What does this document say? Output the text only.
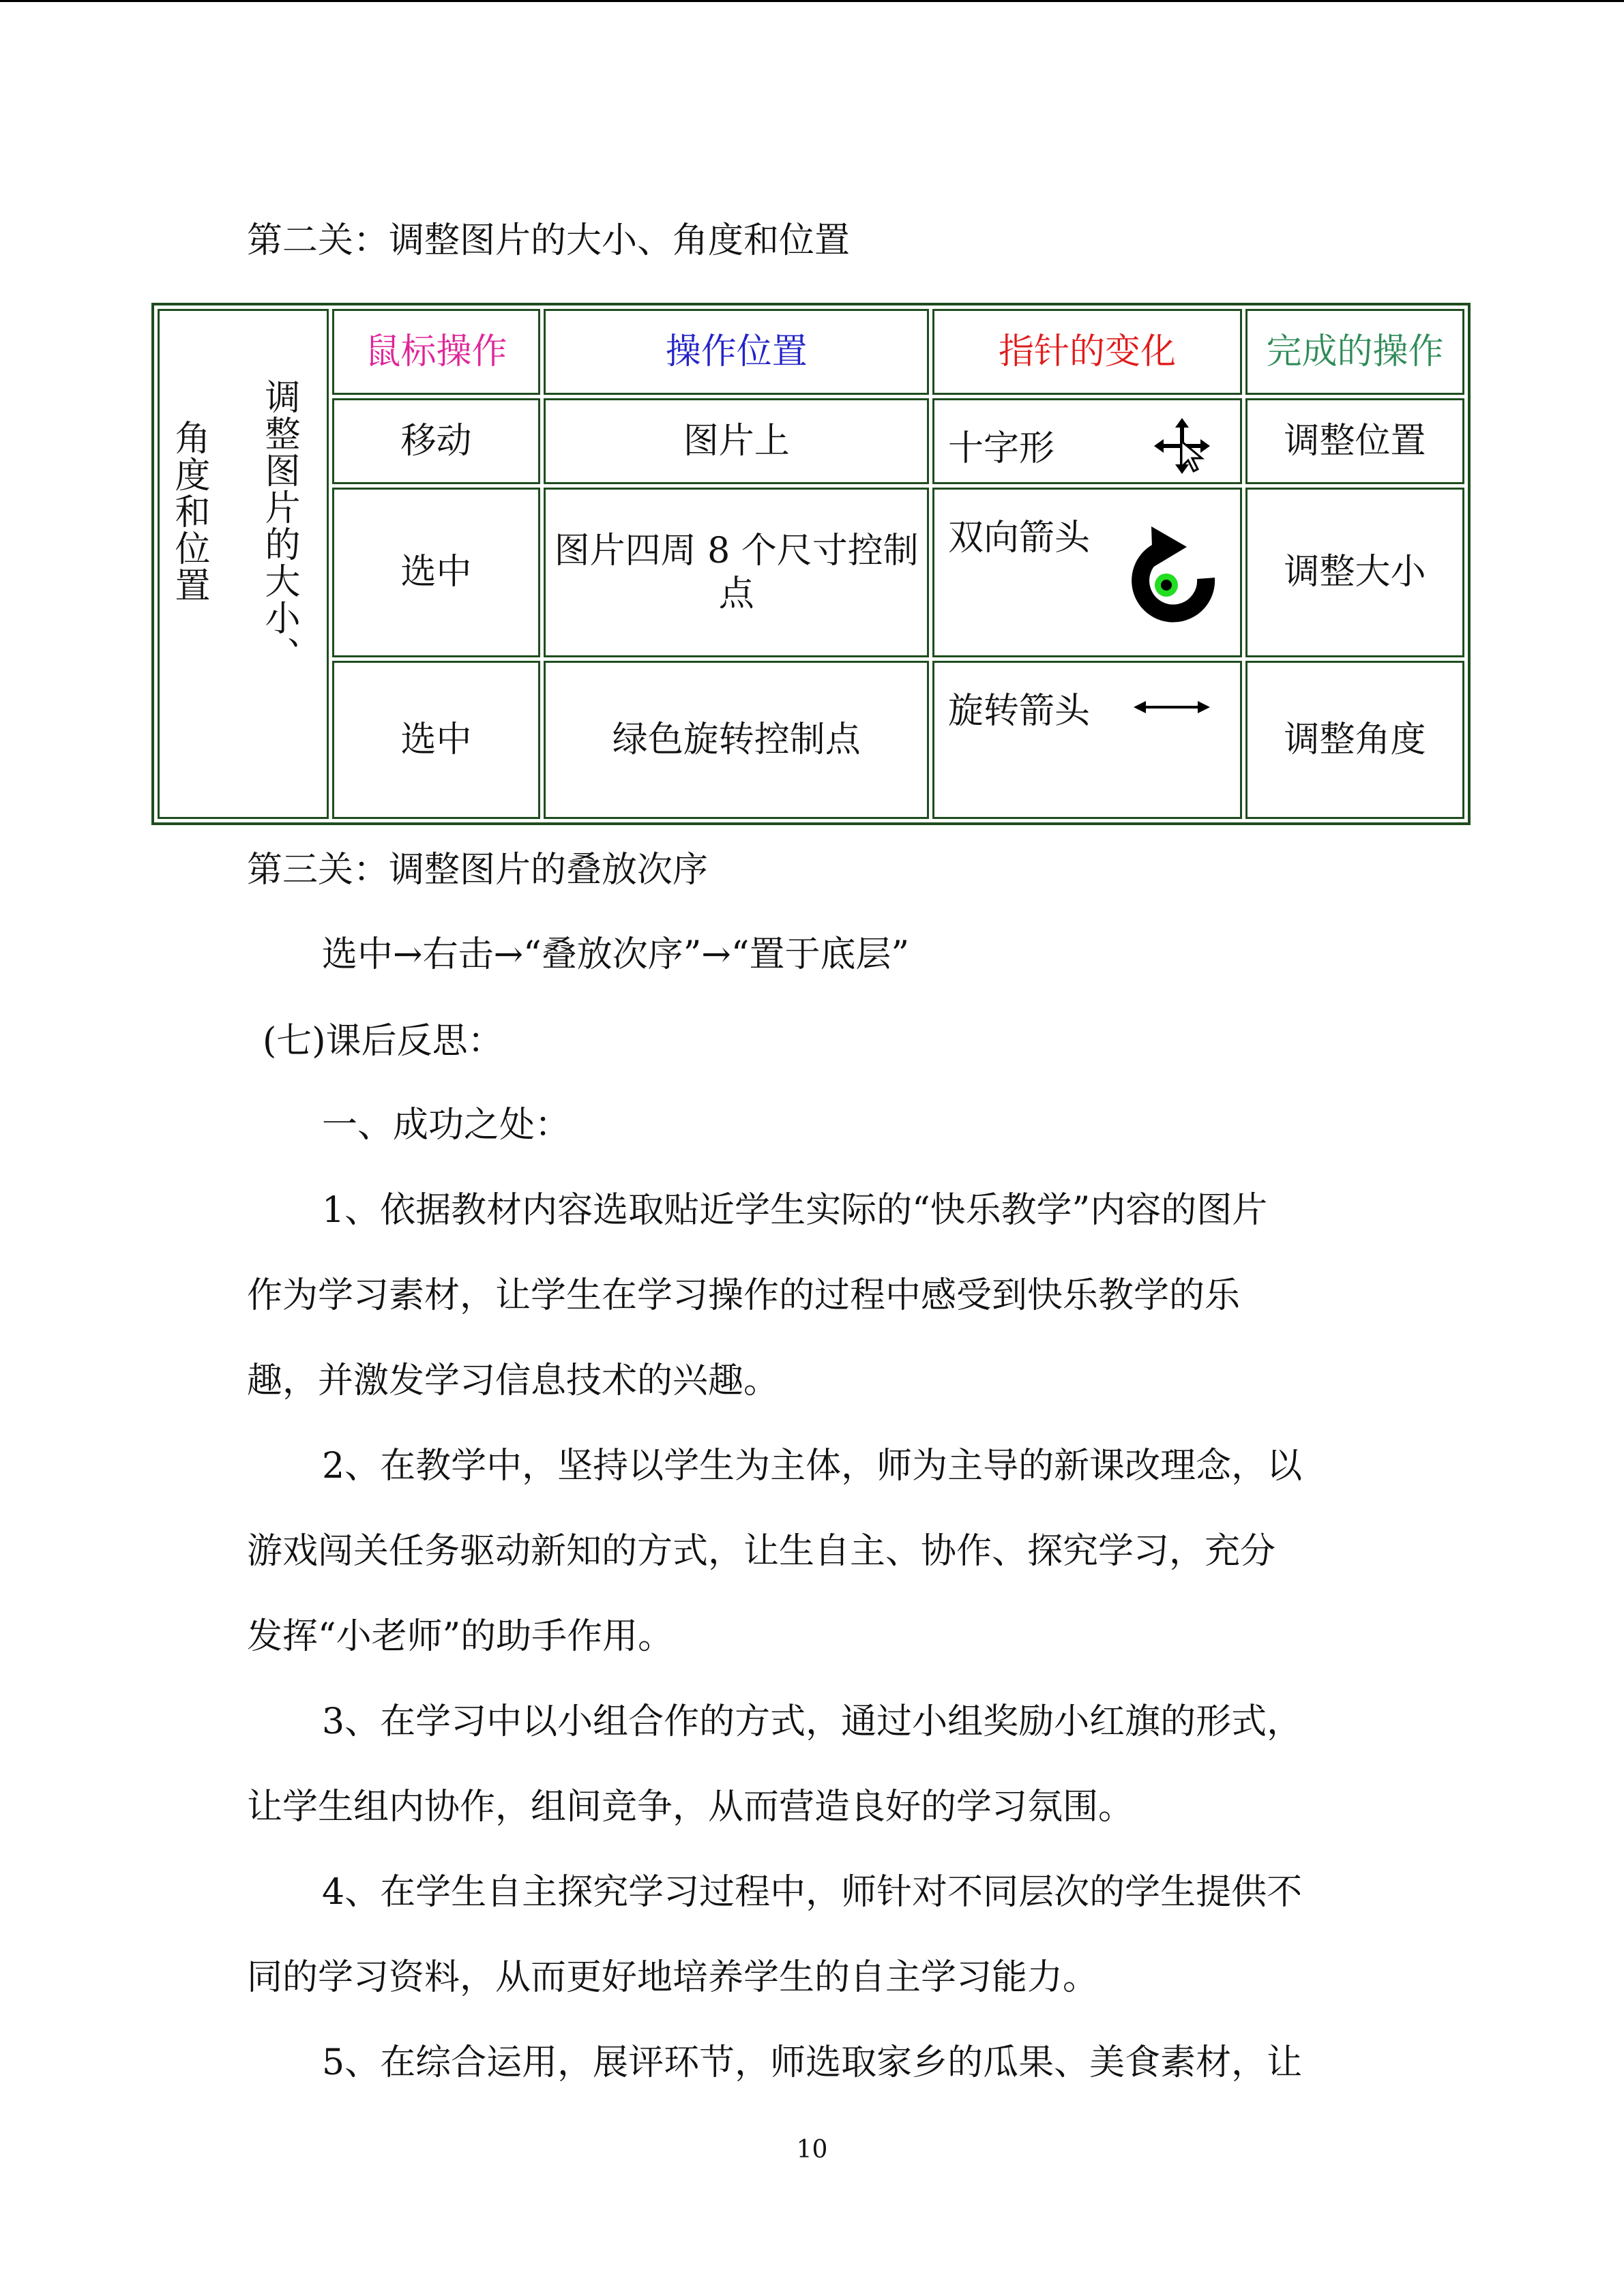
第二关：调整图片的大小、角度和位置
	鼠标操作	操作位置	指针的变化	完成的操作
	移动	图片上	十字形	调整位置
	选中	图片四周 8 个尺寸控制点	双向箭头	调整大小
	选中	绿色旋转控制点	旋转箭头	调整角度
角度和位置 调整图片的大小、
第三关：调整图片的叠放次序
选中→右击→“叠放次序”→“置于底层”
(七)课后反思：
一、成功之处：
1、依据教材内容选取贴近学生实际的“快乐教学”内容的图片
作为学习素材，让学生在学习操作的过程中感受到快乐教学的乐
趣，并激发学习信息技术的兴趣。
2、在教学中，坚持以学生为主体，师为主导的新课改理念，以
游戏闯关任务驱动新知的方式，让生自主、协作、探究学习，充分
发挥“小老师”的助手作用。
3、在学习中以小组合作的方式，通过小组奖励小红旗的形式，
让学生组内协作，组间竞争，从而营造良好的学习氛围。
4、在学生自主探究学习过程中，师针对不同层次的学生提供不
同的学习资料，从而更好地培养学生的自主学习能力。
5、在综合运用，展评环节，师选取家乡的瓜果、美食素材，让
10
